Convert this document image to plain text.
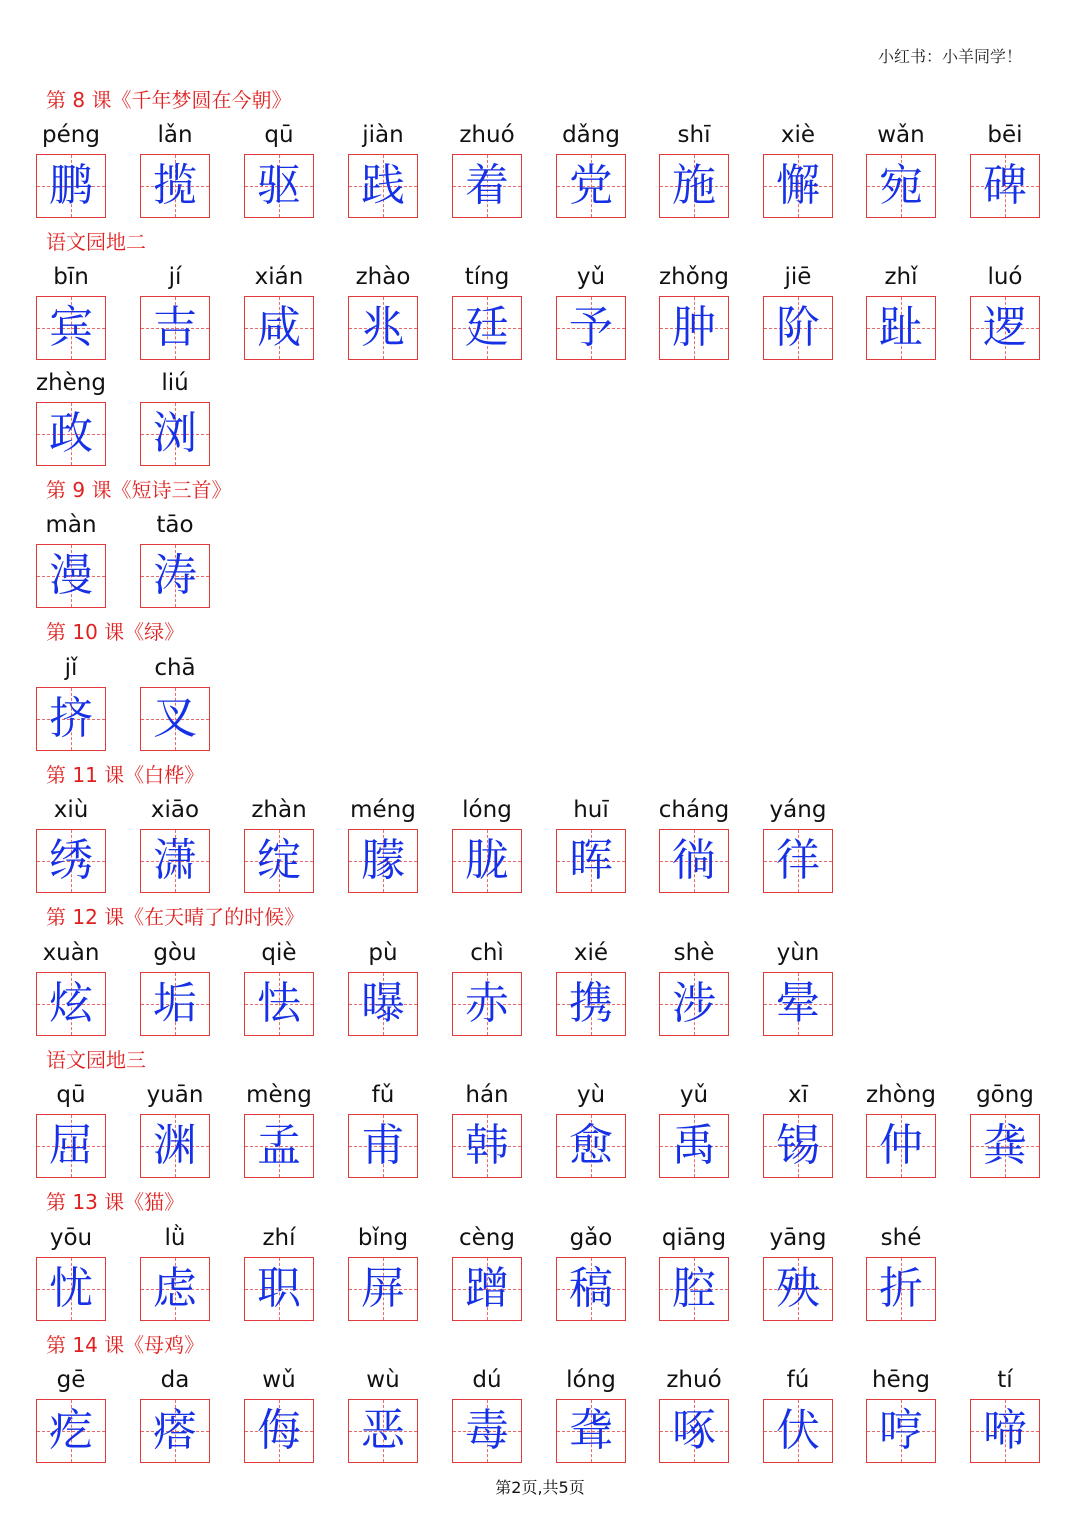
小红书：小羊同学！
第 8 课《千年梦圆在今朝》
péng
鹏
lǎn
揽
qū
驱
jiàn
践
zhuó
着
dǎng
党
shī
施
xiè
懈
wǎn
宛
bēi
碑
语文园地二
bīn
宾
jí
吉
xián
咸
zhào
兆
tíng
廷
yǔ
予
zhǒng
肿
jiē
阶
zhǐ
趾
luó
逻
zhèng
政
liú
浏
第 9 课《短诗三首》
màn
漫
tāo
涛
第 10 课《绿》
jǐ
挤
chā
叉
第 11 课《白桦》
xiù
绣
xiāo
潇
zhàn
绽
méng
朦
lóng
胧
huī
晖
cháng
徜
yáng
徉
第 12 课《在天晴了的时候》
xuàn
炫
gòu
垢
qiè
怯
pù
曝
chì
赤
xié
携
shè
涉
yùn
晕
语文园地三
qū
屈
yuān
渊
mèng
孟
fǔ
甫
hán
韩
yù
愈
yǔ
禹
xī
锡
zhòng
仲
gōng
龚
第 13 课《猫》
yōu
忧
lǜ
虑
zhí
职
bǐng
屏
cèng
蹭
gǎo
稿
qiāng
腔
yāng
殃
shé
折
第 14 课《母鸡》
gē
疙
da
瘩
wǔ
侮
wù
恶
dú
毒
lóng
聋
zhuó
啄
fú
伏
hēng
哼
tí
啼
第2页,共5页
